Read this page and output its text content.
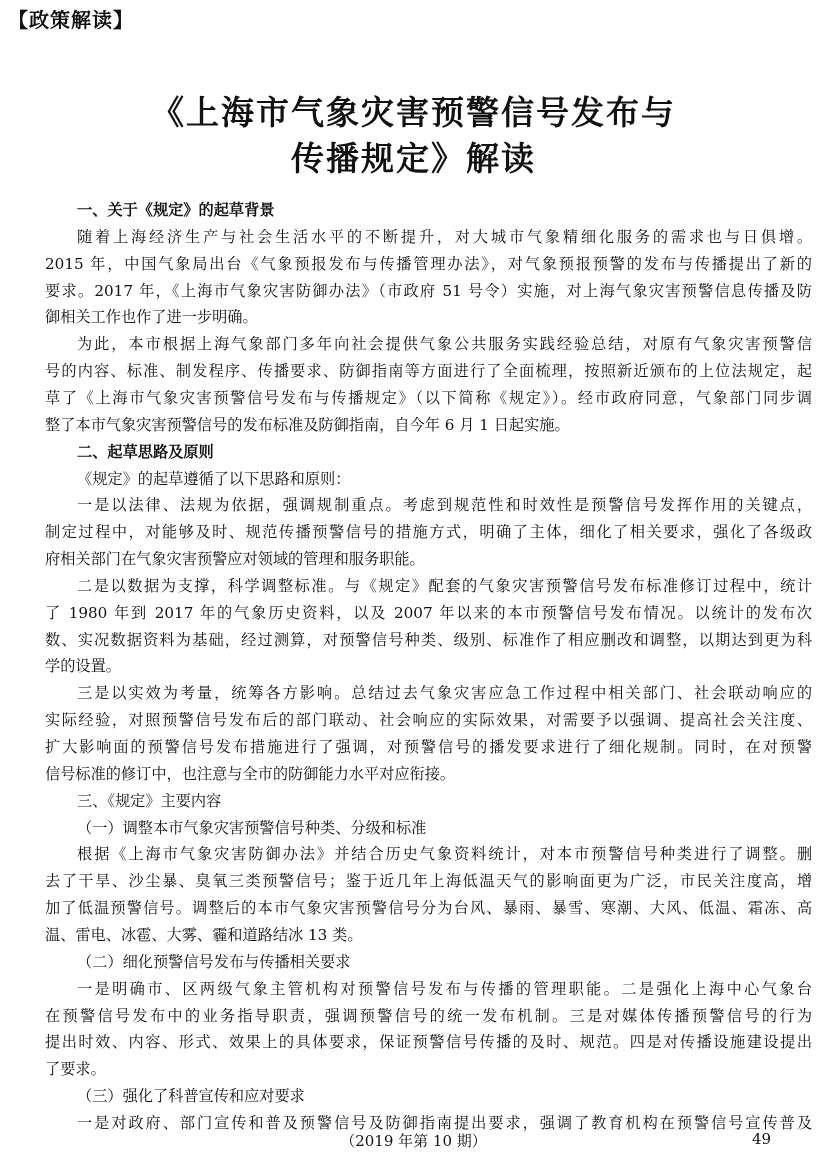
【政策解读】
《上海市气象灾害预警信号发布与
传播规定》解读
一、关于《规定》的起草背景
随着上海经济生产与社会生活水平的不断提升，对大城市气象精细化服务的需求也与日俱增。
2015 年，中国气象局出台《气象预报发布与传播管理办法》，对气象预报预警的发布与传播提出了新的
要求。2017 年，《上海市气象灾害防御办法》（市政府 51 号令）实施，对上海气象灾害预警信息传播及防
御相关工作也作了进一步明确。
为此，本市根据上海气象部门多年向社会提供气象公共服务实践经验总结，对原有气象灾害预警信
号的内容、标准、制发程序、传播要求、防御指南等方面进行了全面梳理，按照新近颁布的上位法规定，起
草了《上海市气象灾害预警信号发布与传播规定》（以下简称《规定》）。经市政府同意，气象部门同步调
整了本市气象灾害预警信号的发布标准及防御指南，自今年 6 月 1 日起实施。
二、起草思路及原则
《规定》的起草遵循了以下思路和原则：
一是以法律、法规为依据，强调规制重点。考虑到规范性和时效性是预警信号发挥作用的关键点，
制定过程中，对能够及时、规范传播预警信号的措施方式，明确了主体，细化了相关要求，强化了各级政
府相关部门在气象灾害预警应对领域的管理和服务职能。
二是以数据为支撑，科学调整标准。与《规定》配套的气象灾害预警信号发布标准修订过程中，统计
了 1980 年到 2017 年的气象历史资料，以及 2007 年以来的本市预警信号发布情况。以统计的发布次
数、实况数据资料为基础，经过测算，对预警信号种类、级别、标准作了相应删改和调整，以期达到更为科
学的设置。
三是以实效为考量，统筹各方影响。总结过去气象灾害应急工作过程中相关部门、社会联动响应的
实际经验，对照预警信号发布后的部门联动、社会响应的实际效果，对需要予以强调、提高社会关注度、
扩大影响面的预警信号发布措施进行了强调，对预警信号的播发要求进行了细化规制。同时，在对预警
信号标准的修订中，也注意与全市的防御能力水平对应衔接。
三、《规定》主要内容
（一）调整本市气象灾害预警信号种类、分级和标准
根据《上海市气象灾害防御办法》并结合历史气象资料统计，对本市预警信号种类进行了调整。删
去了干旱、沙尘暴、臭氧三类预警信号；鉴于近几年上海低温天气的影响面更为广泛，市民关注度高，增
加了低温预警信号。调整后的本市气象灾害预警信号分为台风、暴雨、暴雪、寒潮、大风、低温、霜冻、高
温、雷电、冰雹、大雾、霾和道路结冰 13 类。
（二）细化预警信号发布与传播相关要求
一是明确市、区两级气象主管机构对预警信号发布与传播的管理职能。二是强化上海中心气象台
在预警信号发布中的业务指导职责，强调预警信号的统一发布机制。三是对媒体传播预警信号的行为
提出时效、内容、形式、效果上的具体要求，保证预警信号传播的及时、规范。四是对传播设施建设提出
了要求。
（三）强化了科普宣传和应对要求
一是对政府、部门宣传和普及预警信号及防御指南提出要求，强调了教育机构在预警信号宣传普及
（2019 年第 10 期）	49
